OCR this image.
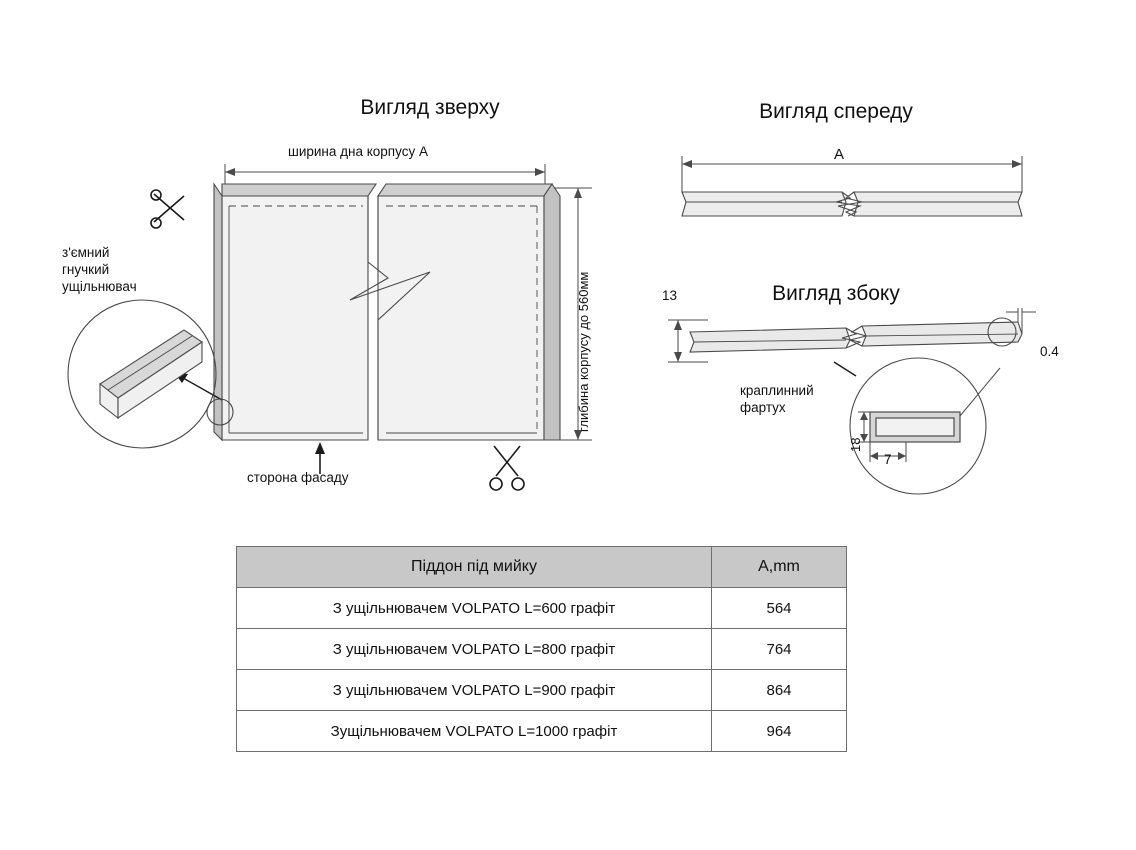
Вигляд зверху
ширина дна корпусу A
глибина корпусу до 560мм
сторона фасаду
з'ємний
гнучкий
ущільнювач
Вигляд спереду
A
Вигляд збоку
13
0.4
краплинний
фартух
18
7
Піддон під мийку	A,mm
З ущільнювачем VOLPATO L=600 графіт	564
З ущільнювачем VOLPATO L=800 графіт	764
З ущільнювачем VOLPATO L=900 графіт	864
Зущільнювачем VOLPATO L=1000 графіт	964
